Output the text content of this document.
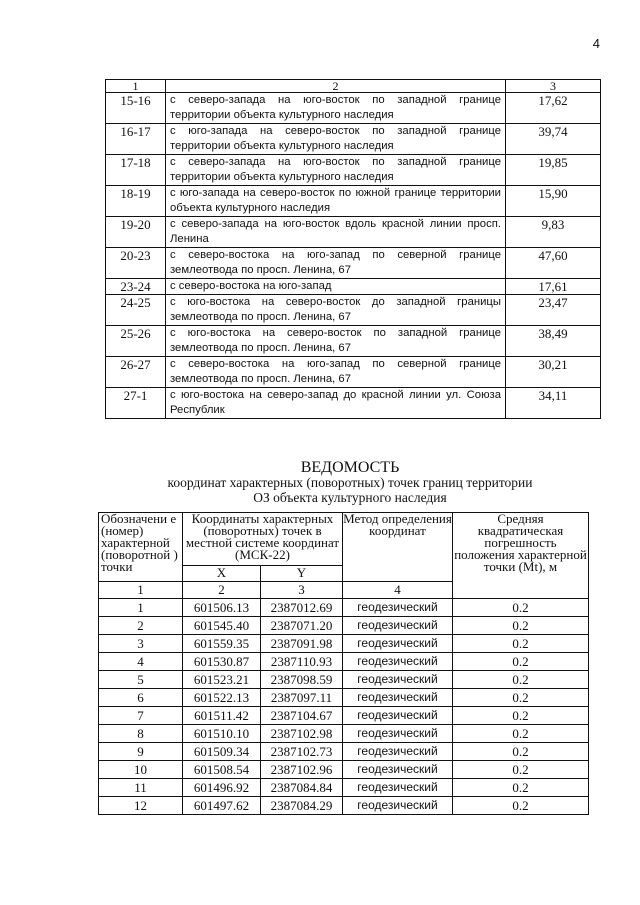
4
1	2	3
15-16	с северо-запада на юго-восток по западной границе территории объекта культурного наследия	17,62
16-17	с юго-запада на северо-восток по западной границе территории объекта культурного наследия	39,74
17-18	с северо-запада на юго-восток по западной границе территории объекта культурного наследия	19,85
18-19	с юго-запада на северо-восток по южной границе территории объекта культурного наследия	15,90
19-20	с северо-запада на юго-восток вдоль красной линии просп. Ленина	9,83
20-23	с северо-востока на юго-запад по северной границе землеотвода по просп. Ленина, 67	47,60
23-24	с северо-востока на юго-запад	17,61
24-25	с юго-востока на северо-восток до западной границы землеотвода по просп. Ленина, 67	23,47
25-26	с юго-востока на северо-восток по западной границе землеотвода по просп. Ленина, 67	38,49
26-27	с северо-востока на юго-запад по северной границе землеотвода по просп. Ленина, 67	30,21
27-1	с юго-востока на северо-запад до красной линии ул. Союза Республик	34,11
ВЕДОМОСТЬ
координат характерных (поворотных) точек границ территории
ОЗ объекта культурного наследия
Обозначени е (номер) характерной (поворотной ) точки	Координаты характерных (поворотных) точек в местной системе координат (МСК-22)		Метод определения координат	Средняя квадратическая погрешность положения характерной точки (Mt), м
	X	Y		
1	2	3	4	
1	601506.13	2387012.69	геодезический	0.2
2	601545.40	2387071.20	геодезический	0.2
3	601559.35	2387091.98	геодезический	0.2
4	601530.87	2387110.93	геодезический	0.2
5	601523.21	2387098.59	геодезический	0.2
6	601522.13	2387097.11	геодезический	0.2
7	601511.42	2387104.67	геодезический	0.2
8	601510.10	2387102.98	геодезический	0.2
9	601509.34	2387102.73	геодезический	0.2
10	601508.54	2387102.96	геодезический	0.2
11	601496.92	2387084.84	геодезический	0.2
12	601497.62	2387084.29	геодезический	0.2
